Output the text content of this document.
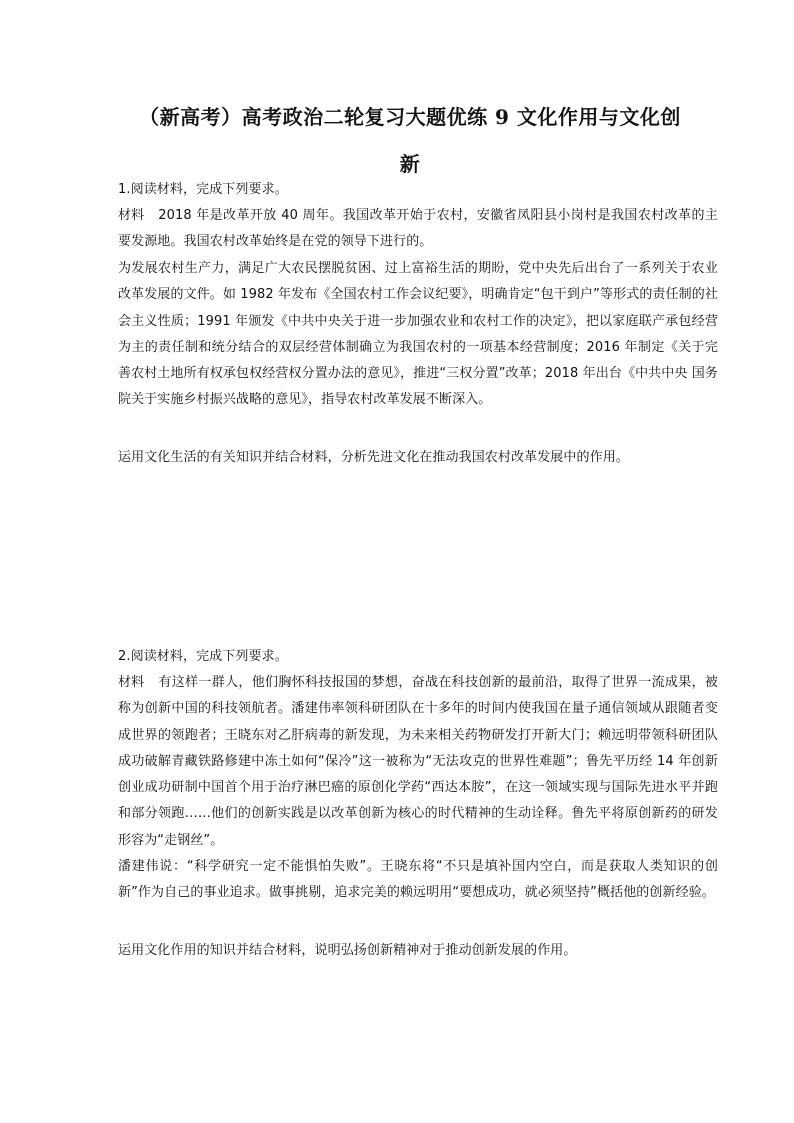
（新高考）高考政治二轮复习大题优练 9 文化作用与文化创
新

1.阅读材料，完成下列要求。

材料 2018 年是改革开放 40 周年。我国改革开始于农村，安徽省凤阳县小岗村是我国农村改革的主要发源地。我国农村改革始终是在党的领导下进行的。

为发展农村生产力，满足广大农民摆脱贫困、过上富裕生活的期盼，党中央先后出台了一系列关于农业改革发展的文件。如 1982 年发布《全国农村工作会议纪要》，明确肯定“包干到户”等形式的责任制的社会主义性质；1991 年颁发《中共中央关于进一步加强农业和农村工作的决定》，把以家庭联产承包经营为主的责任制和统分结合的双层经营体制确立为我国农村的一项基本经营制度；2016 年制定《关于完善农村土地所有权承包权经营权分置办法的意见》，推进“三权分置”改革；2018 年出台《中共中央 国务院关于实施乡村振兴战略的意见》，指导农村改革发展不断深入。

运用文化生活的有关知识并结合材料，分析先进文化在推动我国农村改革发展中的作用。

2.阅读材料，完成下列要求。

材料 有这样一群人，他们胸怀科技报国的梦想，奋战在科技创新的最前沿，取得了世界一流成果，被称为创新中国的科技领航者。潘建伟率领科研团队在十多年的时间内使我国在量子通信领域从跟随者变成世界的领跑者；王晓东对乙肝病毒的新发现，为未来相关药物研发打开新大门；赖远明带领科研团队成功破解青藏铁路修建中冻土如何“保冷”这一被称为“无法攻克的世界性难题”；鲁先平历经 14 年创新创业成功研制中国首个用于治疗淋巴癌的原创化学药“西达本胺”，在这一领域实现与国际先进水平并跑和部分领跑……他们的创新实践是以改革创新为核心的时代精神的生动诠释。鲁先平将原创新药的研发形容为“走钢丝”。

潘建伟说：“科学研究一定不能惧怕失败”。王晓东将“不只是填补国内空白，而是获取人类知识的创新”作为自己的事业追求。做事挑剔，追求完美的赖远明用“要想成功，就必须坚持”概括他的创新经验。

运用文化作用的知识并结合材料，说明弘扬创新精神对于推动创新发展的作用。
